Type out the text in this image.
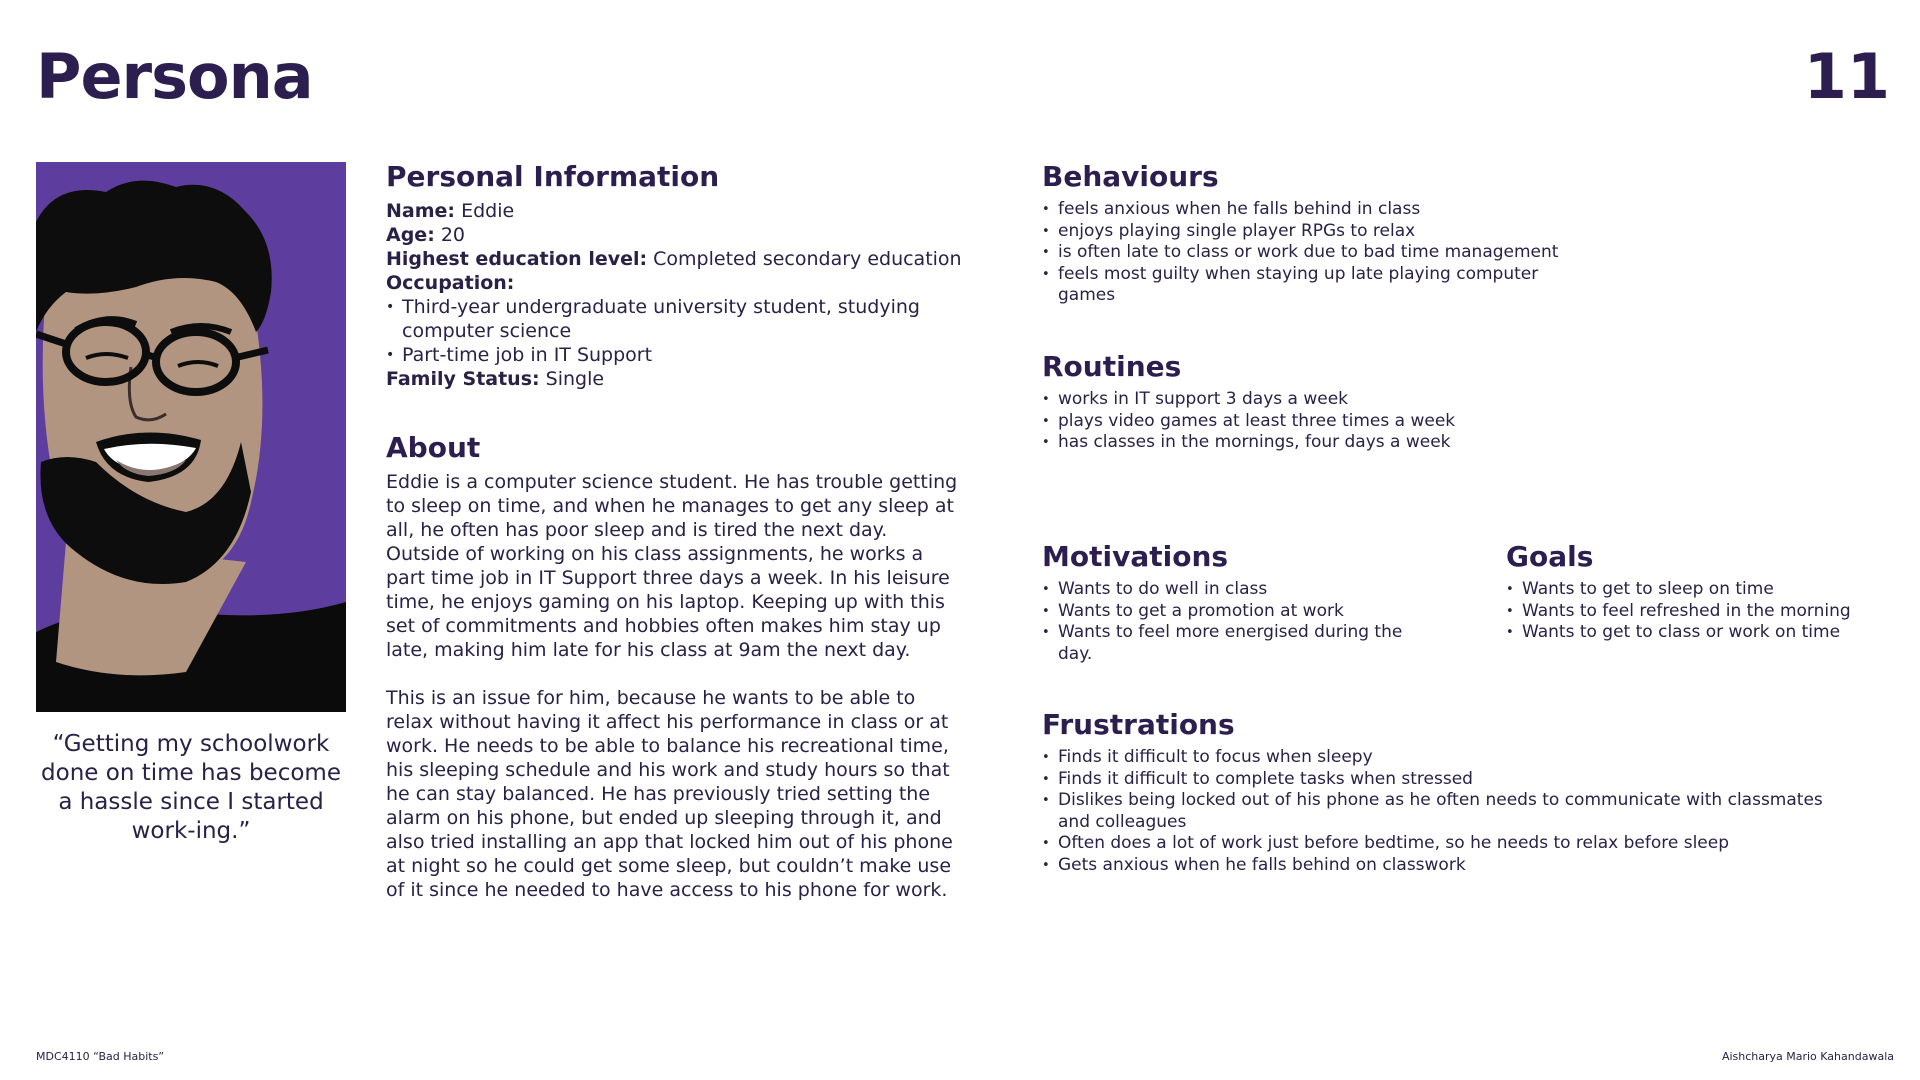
Persona	11
“Getting my schoolwork done on time has become a hassle since I started work-ing.”
Personal Information
Name: Eddie
Age: 20
Highest education level: Completed secondary education
Occupation:
• Third-year undergraduate university student, studying computer science
• Part-time job in IT Support
Family Status: Single
About

Eddie is a computer science student. He has trouble getting to sleep on time, and when he manages to get any sleep at all, he often has poor sleep and is tired the next day. Outside of working on his class assignments, he works a part time job in IT Support three days a week. In his leisure time, he enjoys gaming on his laptop. Keeping up with this set of commitments and hobbies often makes him stay up late, making him late for his class at 9am the next day.

This is an issue for him, because he wants to be able to relax without having it affect his performance in class or at work. He needs to be able to balance his recreational time, his sleeping schedule and his work and study hours so that he can stay balanced. He has previously tried setting the alarm on his phone, but ended up sleeping through it, and also tried installing an app that locked him out of his phone at night so he could get some sleep, but couldn’t make use of it since he needed to have access to his phone for work.

Behaviours
• feels anxious when he falls behind in class
• enjoys playing single player RPGs to relax
• is often late to class or work due to bad time management
• feels most guilty when staying up late playing computer games
Routines
• works in IT support 3 days a week
• plays video games at least three times a week
• has classes in the mornings, four days a week
Motivations
• Wants to do well in class
• Wants to get a promotion at work
• Wants to feel more energised during the day.
Goals
• Wants to get to sleep on time
• Wants to feel refreshed in the morning
• Wants to get to class or work on time
Frustrations
• Finds it difficult to focus when sleepy
• Finds it difficult to complete tasks when stressed
• Dislikes being locked out of his phone as he often needs to communicate with classmates and colleagues
• Often does a lot of work just before bedtime, so he needs to relax before sleep
• Gets anxious when he falls behind on classwork
MDC4110 “Bad Habits”	Aishcharya Mario Kahandawala
